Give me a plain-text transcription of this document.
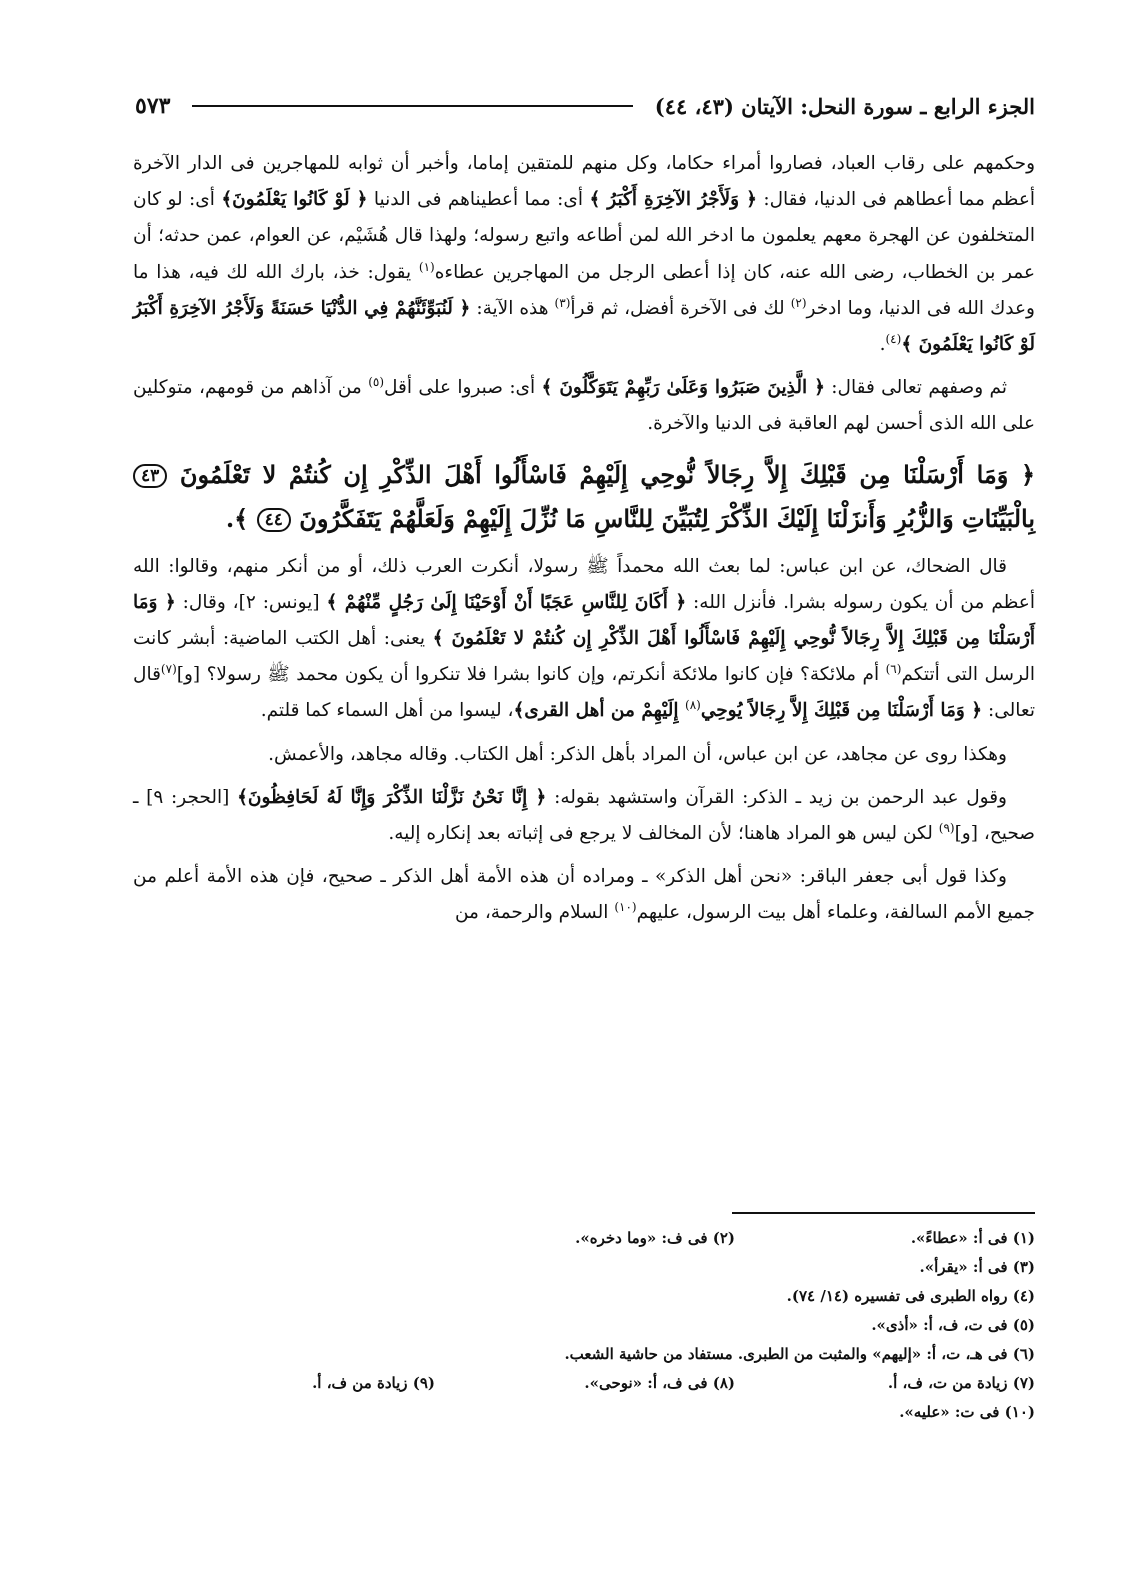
الجزء الرابع ـ سورة النحل: الآيتان (٤٣، ٤٤)
٥٧٣

وحكمهم على رقاب العباد، فصاروا أمراء حكاما، وكل منهم للمتقين إماما، وأخبر أن ثوابه للمهاجرين فى الدار الآخرة أعظم مما أعطاهم فى الدنيا، فقال: ﴿ وَلَأَجْرُ الآخِرَةِ أَكْبَرُ ﴾ أى: مما أعطيناهم فى الدنيا ﴿ لَوْ كَانُوا يَعْلَمُونَ﴾ أى: لو كان المتخلفون عن الهجرة معهم يعلمون ما ادخر الله لمن أطاعه واتبع رسوله؛ ولهذا قال هُشَيْم، عن العوام، عمن حدثه؛ أن عمر بن الخطاب، رضى الله عنه، كان إذا أعطى الرجل من المهاجرين عطاءه$^{(١)}$ يقول: خذ، بارك الله لك فيه، هذا ما وعدك الله فى الدنيا، وما ادخر$^{(٢)}$ لك فى الآخرة أفضل، ثم قرأ$^{(٣)}$ هذه الآية: ﴿ لَنُبَوِّئَنَّهُمْ فِي الدُّنْيَا حَسَنَةً وَلَأَجْرُ الآخِرَةِ أَكْبَرُ لَوْ كَانُوا يَعْلَمُونَ ﴾$^{(٤)}$.

ثم وصفهم تعالى فقال: ﴿ الَّذِينَ صَبَرُوا وَعَلَىٰ رَبِّهِمْ يَتَوَكَّلُونَ ﴾ أى: صبروا على أقل$^{(٥)}$ من آذاهم من قومهم، متوكلين على الله الذى أحسن لهم العاقبة فى الدنيا والآخرة.

﴿ وَمَا أَرْسَلْنَا مِن قَبْلِكَ إِلاَّ رِجَالاً نُّوحِي إِلَيْهِمْ فَاسْأَلُوا أَهْلَ الذِّكْرِ إِن كُنتُمْ لا تَعْلَمُونَ ٤٣ بِالْبَيِّنَاتِ وَالزُّبُرِ وَأَنزَلْنَا إِلَيْكَ الذِّكْرَ لِتُبَيِّنَ لِلنَّاسِ مَا نُزِّلَ إِلَيْهِمْ وَلَعَلَّهُمْ يَتَفَكَّرُونَ ٤٤ ﴾.

قال الضحاك، عن ابن عباس: لما بعث الله محمداً ﷺ رسولا، أنكرت العرب ذلك، أو من أنكر منهم، وقالوا: الله أعظم من أن يكون رسوله بشرا. فأنزل الله: ﴿ أَكَانَ لِلنَّاسِ عَجَبًا أَنْ أَوْحَيْنَا إِلَىٰ رَجُلٍ مِّنْهُمْ ﴾ [يونس: ٢]، وقال: ﴿ وَمَا أَرْسَلْنَا مِن قَبْلِكَ إِلاَّ رِجَالاً نُّوحِي إِلَيْهِمْ فَاسْأَلُوا أَهْلَ الذِّكْرِ إِن كُنتُمْ لا تَعْلَمُونَ ﴾ يعنى: أهل الكتب الماضية: أبشر كانت الرسل التى أتتكم$^{(٦)}$ أم ملائكة؟ فإن كانوا ملائكة أنكرتم، وإن كانوا بشرا فلا تنكروا أن يكون محمد ﷺ رسولا؟ [و]$^{(٧)}$قال تعالى: ﴿ وَمَا أَرْسَلْنَا مِن قَبْلِكَ إِلاَّ رِجَالاً يُوحِي$^{(٨)}$ إِلَيْهِمْ من أهل القرى﴾، ليسوا من أهل السماء كما قلتم.

وهكذا روى عن مجاهد، عن ابن عباس، أن المراد بأهل الذكر: أهل الكتاب. وقاله مجاهد، والأعمش.

وقول عبد الرحمن بن زيد ـ الذكر: القرآن واستشهد بقوله: ﴿ إِنَّا نَحْنُ نَزَّلْنَا الذِّكْرَ وَإِنَّا لَهُ لَحَافِظُونَ﴾ [الحجر: ٩] ـ صحيح، [و]$^{(٩)}$ لكن ليس هو المراد هاهنا؛ لأن المخالف لا يرجع فى إثباته بعد إنكاره إليه.

وكذا قول أبى جعفر الباقر: «نحن أهل الذكر» ـ ومراده أن هذه الأمة أهل الذكر ـ صحيح، فإن هذه الأمة أعلم من جميع الأمم السالفة، وعلماء أهل بيت الرسول، عليهم$^{(١٠)}$ السلام والرحمة، من

(١) فى أ: «عطاءً».
(٢) فى ف: «وما دخره».
(٣) فى أ: «يقرأ».
(٤) رواه الطبرى فى تفسيره (١٤/ ٧٤).
(٥) فى ت، ف، أ: «أذى».
(٦) فى هـ، ت، أ: «إليهم» والمثبت من الطبرى. مستفاد من حاشية الشعب.
(٧) زيادة من ت، ف، أ.
(٨) فى ف، أ: «نوحى».
(٩) زيادة من ف، أ.
(١٠) فى ت: «عليه».
